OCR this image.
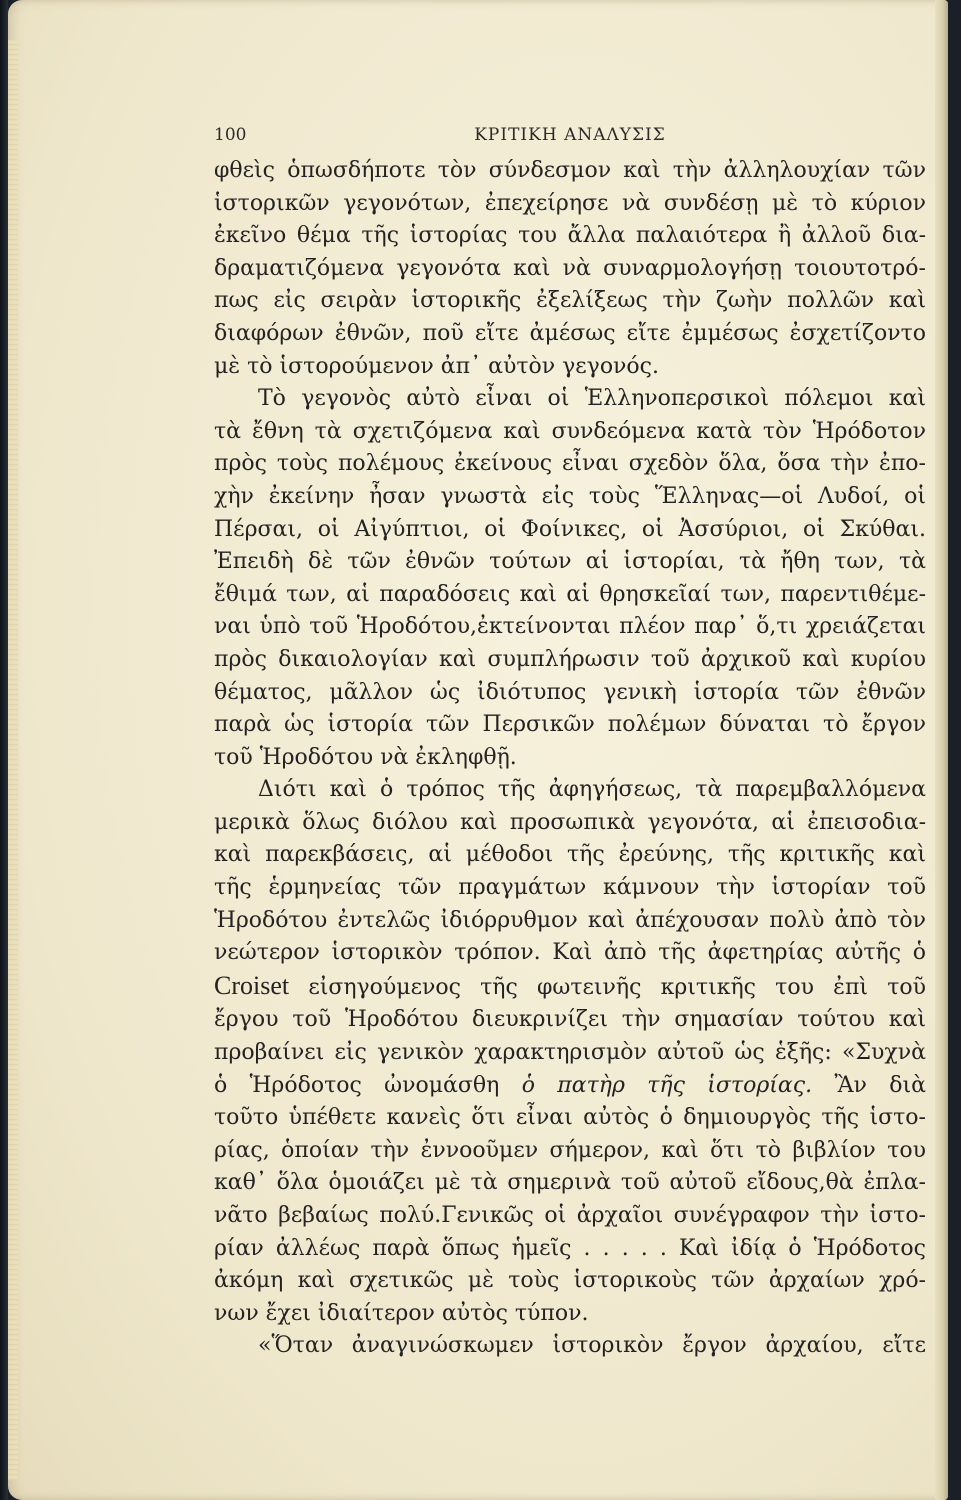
100	ΚΡΙΤΙΚΗ ΑΝΑΛΥΣΙΣ

φθεὶς ὁπωσδήποτε τὸν σύνδεσμον καὶ τὴν ἀλληλουχίαν τῶν
ἱστορικῶν γεγονότων, ἐπεχείρησε νὰ συνδέσῃ μὲ τὸ κύριον
ἐκεῖνο θέμα τῆς ἱστορίας του ἄλλα παλαιότερα ἢ ἀλλοῦ δια-
δραματιζόμενα γεγονότα καὶ νὰ συναρμολογήσῃ τοιουτοτρό-
πως εἰς σειρὰν ἱστορικῆς ἐξελίξεως τὴν ζωὴν πολλῶν καὶ
διαφόρων ἐθνῶν, ποῦ εἴτε ἀμέσως εἴτε ἐμμέσως ἐσχετίζοντο
μὲ τὸ ἱστορούμενον ἀπ᾽ αὐτὸν γεγονός.

Τὸ γεγονὸς αὐτὸ εἶναι οἱ Ἑλληνοπερσικοὶ πόλεμοι καὶ
τὰ ἔθνη τὰ σχετιζόμενα καὶ συνδεόμενα κατὰ τὸν Ἡρόδοτον
πρὸς τοὺς πολέμους ἐκείνους εἶναι σχεδὸν ὅλα, ὅσα τὴν ἐπο-
χὴν ἐκείνην ἦσαν γνωστὰ εἰς τοὺς Ἕλληνας—οἱ Λυδοί, οἱ
Πέρσαι, οἱ Αἰγύπτιοι, οἱ Φοίνικες, οἱ Ἀσσύριοι, οἱ Σκύθαι.
Ἐπειδὴ δὲ τῶν ἐθνῶν τούτων αἱ ἱστορίαι, τὰ ἤθη των, τὰ
ἔθιμά των, αἱ παραδόσεις καὶ αἱ θρησκεῖαί των, παρεντιθέμε-
ναι ὑπὸ τοῦ Ἡροδότου,ἐκτείνονται πλέον παρ᾽ ὅ,τι χρειάζεται
πρὸς δικαιολογίαν καὶ συμπλήρωσιν τοῦ ἀρχικοῦ καὶ κυρίου
θέματος, μᾶλλον ὡς ἰδιότυπος γενικὴ ἱστορία τῶν ἐθνῶν
παρὰ ὡς ἱστορία τῶν Περσικῶν πολέμων δύναται τὸ ἔργον
τοῦ Ἡροδότου νὰ ἐκληφθῇ.

Διότι καὶ ὁ τρόπος τῆς ἀφηγήσεως, τὰ παρεμβαλλόμενα
μερικὰ ὅλως διόλου καὶ προσωπικὰ γεγονότα, αἱ ἐπεισοδια-
καὶ παρεκβάσεις, αἱ μέθοδοι τῆς ἐρεύνης, τῆς κριτικῆς καὶ
τῆς ἑρμηνείας τῶν πραγμάτων κάμνουν τὴν ἱστορίαν τοῦ
Ἡροδότου ἐντελῶς ἰδιόρρυθμον καὶ ἀπέχουσαν πολὺ ἀπὸ τὸν
νεώτερον ἱστορικὸν τρόπον. Καὶ ἀπὸ τῆς ἀφετηρίας αὐτῆς ὁ
Croiset εἰσηγούμενος τῆς φωτεινῆς κριτικῆς του ἐπὶ τοῦ
ἔργου τοῦ Ἡροδότου διευκρινίζει τὴν σημασίαν τούτου καὶ
προβαίνει εἰς γενικὸν χαρακτηρισμὸν αὐτοῦ ὡς ἑξῆς: «Συχνὰ
ὁ Ἡρόδοτος ὠνομάσθη ὁ πατὴρ τῆς ἱστορίας. Ἂν διὰ
τοῦτο ὑπέθετε κανεὶς ὅτι εἶναι αὐτὸς ὁ δημιουργὸς τῆς ἱστο-
ρίας, ὁποίαν τὴν ἐννοοῦμεν σήμερον, καὶ ὅτι τὸ βιβλίον του
καθ᾽ ὅλα ὁμοιάζει μὲ τὰ σημερινὰ τοῦ αὐτοῦ εἴδους,θὰ ἐπλα-
νᾶτο βεβαίως πολύ.Γενικῶς οἱ ἀρχαῖοι συνέγραφον τὴν ἱστο-
ρίαν ἀλλέως παρὰ ὅπως ἡμεῖς . . . . . Καὶ ἰδίᾳ ὁ Ἡρόδοτος
ἀκόμη καὶ σχετικῶς μὲ τοὺς ἱστορικοὺς τῶν ἀρχαίων χρό-
νων ἔχει ἰδιαίτερον αὐτὸς τύπον.

«Ὅταν ἀναγινώσκωμεν ἱστορικὸν ἔργον ἀρχαίου, εἴτε
